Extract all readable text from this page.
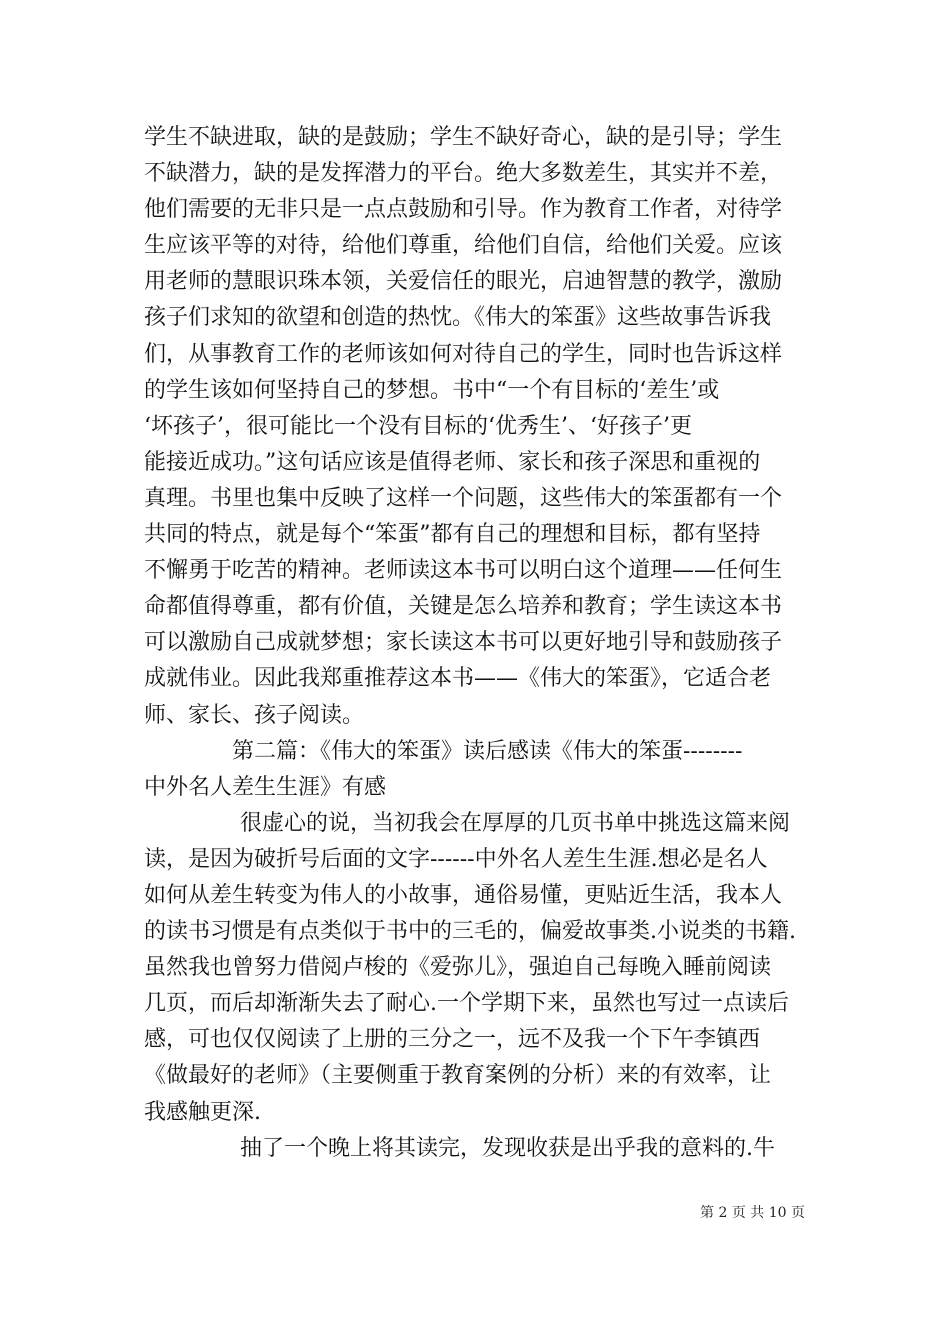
学生不缺进取，缺的是鼓励；学生不缺好奇心，缺的是引导；学生
不缺潜力，缺的是发挥潜力的平台。绝大多数差生，其实并不差，
他们需要的无非只是一点点鼓励和引导。作为教育工作者，对待学
生应该平等的对待，给他们尊重，给他们自信，给他们关爱。应该
用老师的慧眼识珠本领，关爱信任的眼光，启迪智慧的教学，激励
孩子们求知的欲望和创造的热忱。《伟大的笨蛋》这些故事告诉我
们，从事教育工作的老师该如何对待自己的学生，同时也告诉这样
的学生该如何坚持自己的梦想。书中“一个有目标的‘差生’或
‘坏孩子’，很可能比一个没有目标的‘优秀生’、‘好孩子’更
能接近成功。”这句话应该是值得老师、家长和孩子深思和重视的
真理。书里也集中反映了这样一个问题，这些伟大的笨蛋都有一个
共同的特点，就是每个“笨蛋”都有自己的理想和目标，都有坚持
不懈勇于吃苦的精神。老师读这本书可以明白这个道理——任何生
命都值得尊重，都有价值，关键是怎么培养和教育；学生读这本书
可以激励自己成就梦想；家长读这本书可以更好地引导和鼓励孩子
成就伟业。因此我郑重推荐这本书——《伟大的笨蛋》，它适合老
师、家长、孩子阅读。
第二篇：《伟大的笨蛋》读后感读《伟大的笨蛋--------
中外名人差生生涯》有感
很虚心的说，当初我会在厚厚的几页书单中挑选这篇来阅
读，是因为破折号后面的文字------中外名人差生生涯.想必是名人
如何从差生转变为伟人的小故事，通俗易懂，更贴近生活，我本人
的读书习惯是有点类似于书中的三毛的，偏爱故事类.小说类的书籍.
虽然我也曾努力借阅卢梭的《爱弥儿》，强迫自己每晚入睡前阅读
几页，而后却渐渐失去了耐心.一个学期下来，虽然也写过一点读后
感，可也仅仅阅读了上册的三分之一，远不及我一个下午李镇西
《做最好的老师》（主要侧重于教育案例的分析）来的有效率，让
我感触更深.
抽了一个晚上将其读完，发现收获是出乎我的意料的.牛
第 2 页 共 10 页
